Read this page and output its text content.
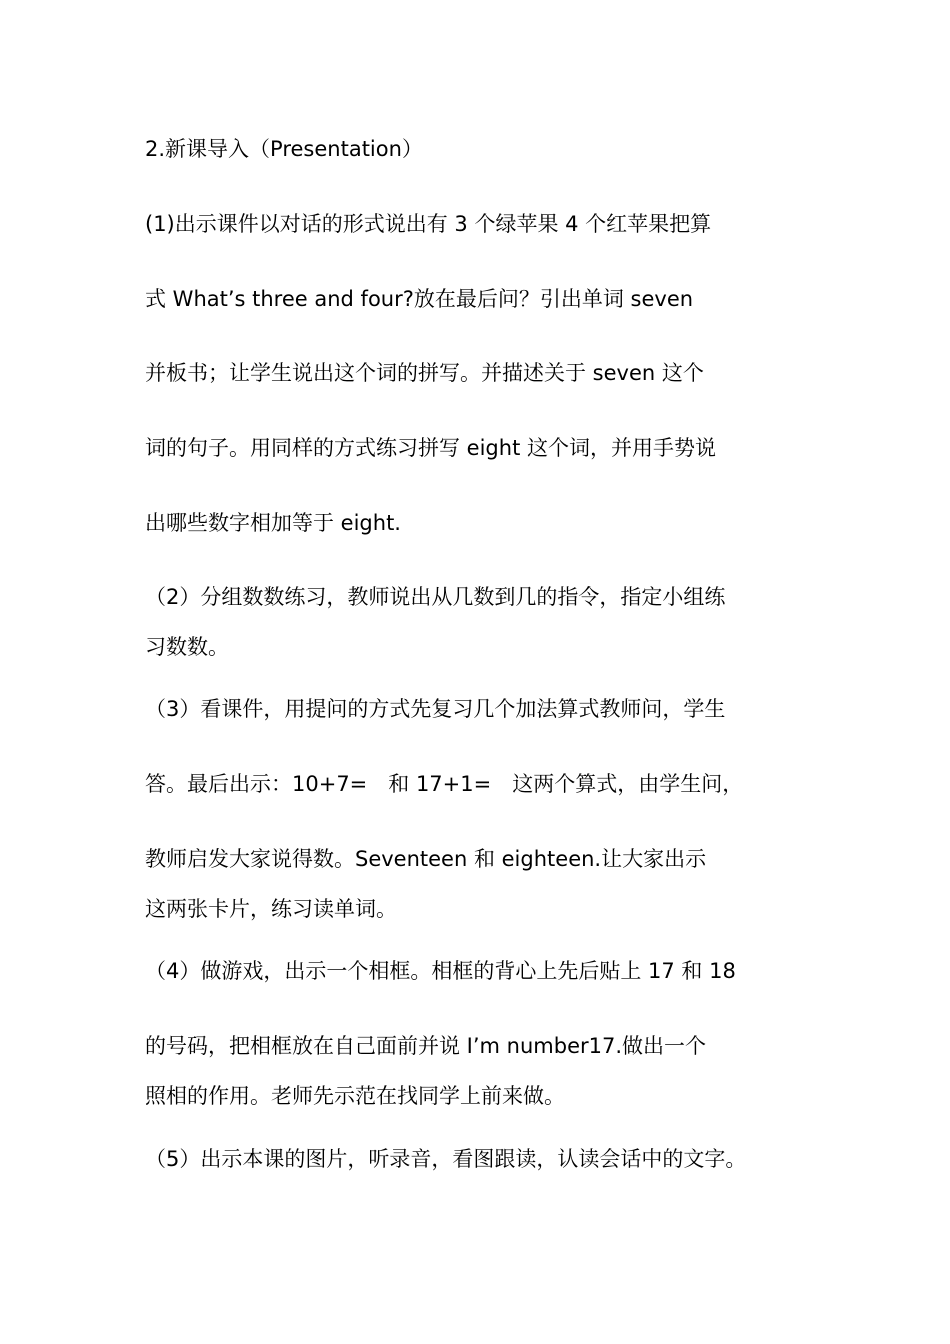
2.新课导入（Presentation）
(1)出示课件以对话的形式说出有 3 个绿苹果 4 个红苹果把算
式 What’s three and four?放在最后问？引出单词 seven
并板书；让学生说出这个词的拼写。并描述关于 seven 这个
词的句子。用同样的方式练习拼写 eight 这个词，并用手势说
出哪些数字相加等于 eight.
（2）分组数数练习，教师说出从几数到几的指令，指定小组练
习数数。
（3）看课件，用提问的方式先复习几个加法算式教师问，学生
答。最后出示：10+7=　和 17+1=　这两个算式，由学生问，
教师启发大家说得数。Seventeen 和 eighteen.让大家出示
这两张卡片，练习读单词。
（4）做游戏，出示一个相框。相框的背心上先后贴上 17 和 18
的号码，把相框放在自己面前并说 I’m number17.做出一个
照相的作用。老师先示范在找同学上前来做。
（5）出示本课的图片，听录音，看图跟读，认读会话中的文字。
